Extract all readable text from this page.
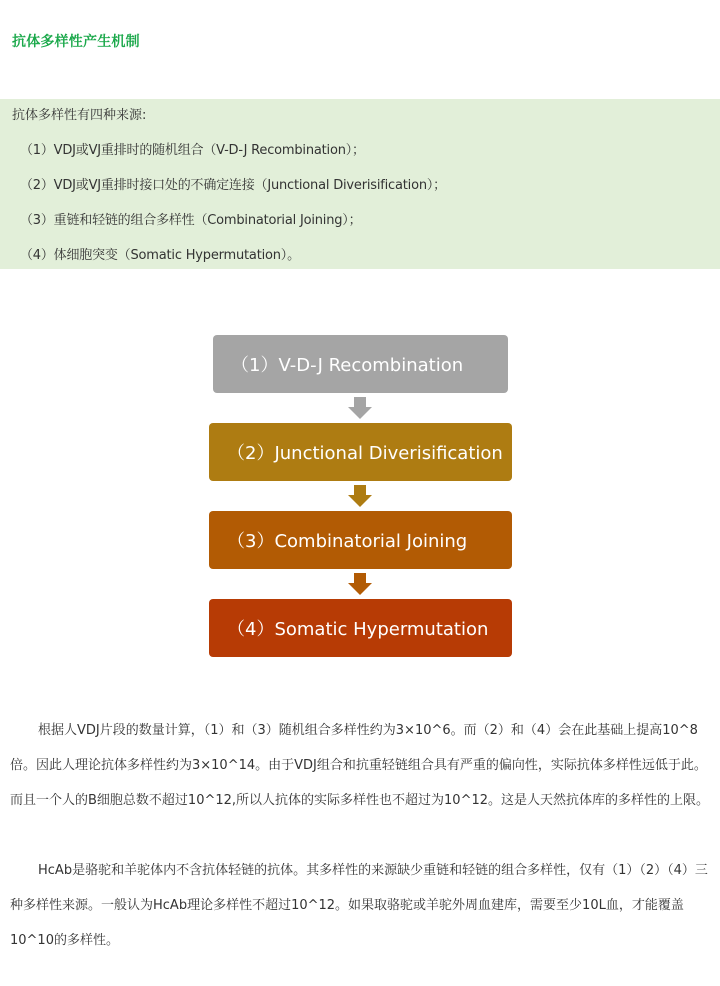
抗体多样性产生机制
抗体多样性有四种来源:
（1）VDJ或VJ重排时的随机组合（V-D-J Recombination）；
（2）VDJ或VJ重排时接口处的不确定连接（Junctional Diverisification）；
（3）重链和轻链的组合多样性（Combinatorial Joining）；
（4）体细胞突变（Somatic Hypermutation）。
（1）V-D-J Recombination
（2）Junctional Diverisification
（3）Combinatorial Joining
（4）Somatic Hypermutation

根据人VDJ片段的数量计算，（1）和（3）随机组合多样性约为3×10^6。而（2）和（4）会在此基础上提高10^8倍。因此人理论抗体多样性约为3×10^14。由于VDJ组合和抗重轻链组合具有严重的偏向性，实际抗体多样性远低于此。而且一个人的B细胞总数不超过10^12,所以人抗体的实际多样性也不超过为10^12。这是人天然抗体库的多样性的上限。

HcAb是骆驼和羊驼体内不含抗体轻链的抗体。其多样性的来源缺少重链和轻链的组合多样性，仅有（1）（2）（4）三种多样性来源。一般认为HcAb理论多样性不超过10^12。如果取骆驼或羊驼外周血建库，需要至少10L血，才能覆盖10^10的多样性。
